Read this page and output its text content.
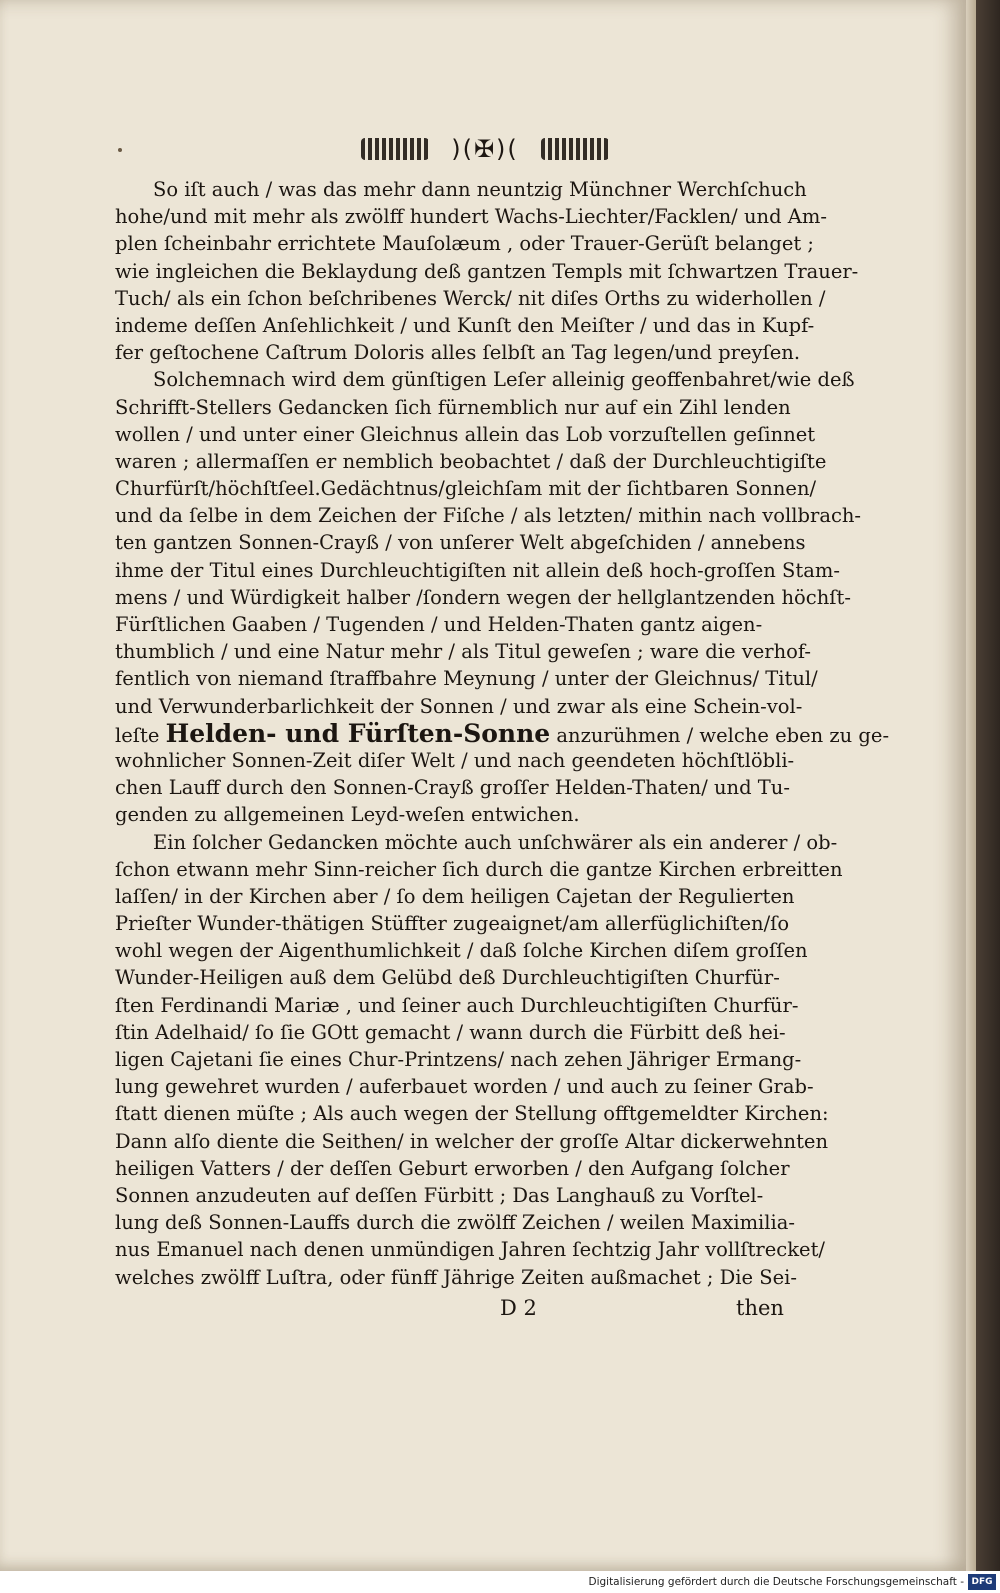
)(✠)(
So iſt auch / was das mehr dann neuntzig Münchner Werchſchuch
hohe/und mit mehr als zwölff hundert Wachs-Liechter/Facklen/ und Am-
plen ſcheinbahr errichtete Mauſolæum , oder Trauer-Gerüſt belanget ;
wie ingleichen die Beklaydung deß gantzen Templs mit ſchwartzen Trauer-
Tuch/ als ein ſchon beſchribenes Werck/ nit diſes Orths zu widerhollen /
indeme deſſen Anſehlichkeit / und Kunſt den Meiſter / und das in Kupf-
fer geſtochene Caſtrum Doloris alles ſelbſt an Tag legen/und preyſen.
Solchemnach wird dem günſtigen Leſer alleinig geoffenbahret/wie deß
Schrifft-Stellers Gedancken ſich fürnemblich nur auf ein Zihl lenden
wollen / und unter einer Gleichnus allein das Lob vorzuſtellen geſinnet
waren ; allermaſſen er nemblich beobachtet / daß der Durchleuchtigiſte
Churfürſt/höchſtſeel.Gedächtnus/gleichſam mit der ſichtbaren Sonnen/
und da ſelbe in dem Zeichen der Fiſche / als letzten/ mithin nach vollbrach-
ten gantzen Sonnen-Crayß / von unſerer Welt abgeſchiden / annebens
ihme der Titul eines Durchleuchtigiſten nit allein deß hoch-groſſen Stam-
mens / und Würdigkeit halber /ſondern wegen der hellglantzenden höchſt-
Fürſtlichen Gaaben / Tugenden / und Helden-Thaten gantz aigen-
thumblich / und eine Natur mehr / als Titul geweſen ; ware die verhof-
fentlich von niemand ſtraffbahre Meynung / unter der Gleichnus/ Titul/
und Verwunderbarlichkeit der Sonnen / und zwar als eine Schein-vol-
leſte Helden- und Fürſten-Sonne anzurühmen / welche eben zu ge-
wohnlicher Sonnen-Zeit diſer Welt / und nach geendeten höchſtlöbli-
chen Lauff durch den Sonnen-Crayß groſſer Helden-Thaten/ und Tu-
genden zu allgemeinen Leyd-weſen entwichen.
Ein ſolcher Gedancken möchte auch unſchwärer als ein anderer / ob-
ſchon etwann mehr Sinn-reicher ſich durch die gantze Kirchen erbreitten
laſſen/ in der Kirchen aber / ſo dem heiligen Cajetan der Regulierten
Prieſter Wunder-thätigen Stüffter zugeaignet/am allerfüglichiſten/ſo
wohl wegen der Aigenthumlichkeit / daß ſolche Kirchen diſem groſſen
Wunder-Heiligen auß dem Gelübd deß Durchleuchtigiſten Churfür-
ſten Ferdinandi Mariæ , und ſeiner auch Durchleuchtigiſten Churfür-
ſtin Adelhaid/ ſo ſie GOtt gemacht / wann durch die Fürbitt deß hei-
ligen Cajetani ſie eines Chur-Printzens/ nach zehen Jähriger Ermang-
lung gewehret wurden / auferbauet worden / und auch zu ſeiner Grab-
ſtatt dienen müſte ; Als auch wegen der Stellung offtgemeldter Kirchen:
Dann alſo diente die Seithen/ in welcher der groſſe Altar dickerwehnten
heiligen Vatters / der deſſen Geburt erworben / den Aufgang ſolcher
Sonnen anzudeuten auf deſſen Fürbitt ; Das Langhauß zu Vorſtel-
lung deß Sonnen-Lauffs durch die zwölff Zeichen / weilen Maximilia-
nus Emanuel nach denen unmündigen Jahren ſechtzig Jahr vollſtrecket/
welches zwölff Luſtra, oder fünff Jährige Zeiten außmachet ; Die Sei-
D 2	then
Digitalisierung gefördert durch die Deutsche Forschungsgemeinschaft - DFG
